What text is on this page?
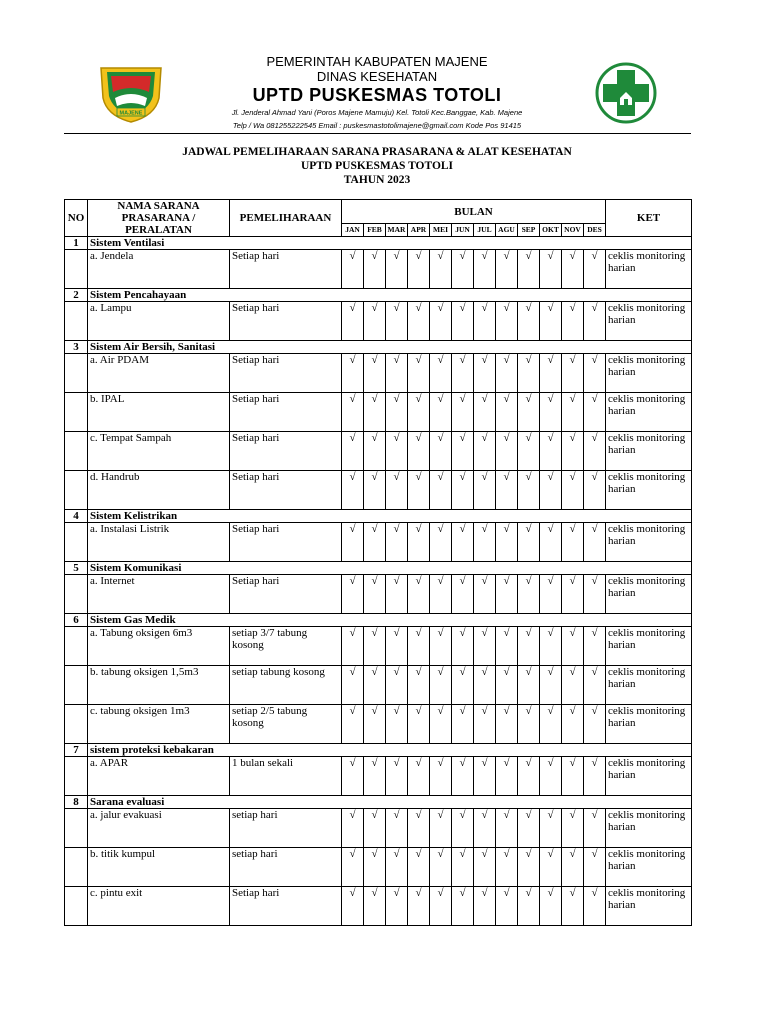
MAJENE
PEMERINTAH KABUPATEN MAJENE
DINAS KESEHATAN
UPTD PUSKESMAS TOTOLI
Jl. Jenderal Ahmad Yani (Poros Majene Mamuju) Kel. Totoli Kec.Banggae, Kab. Majene
Telp / Wa 081255222545 Email : puskesmastotolimajene@gmail.com Kode Pos 91415
JADWAL PEMELIHARAAN SARANA PRASARANA & ALAT KESEHATAN
UPTD PUSKESMAS TOTOLI
TAHUN 2023
NO	NAMA SARANA PRASARANA / PERALATAN	PEMELIHARAAN	BULAN												KET
			JAN	FEB	MAR	APR	MEI	JUN	JUL	AGU	SEP	OKT	NOV	DES	
1	Sistem Ventilasi														
	a. Jendela	Setiap hari	√	√	√	√	√	√	√	√	√	√	√	√	ceklis monitoring harian
2	Sistem Pencahayaan														
	a. Lampu	Setiap hari	√	√	√	√	√	√	√	√	√	√	√	√	ceklis monitoring harian
3	Sistem Air Bersih, Sanitasi														
	a. Air PDAM	Setiap hari	√	√	√	√	√	√	√	√	√	√	√	√	ceklis monitoring harian
	b. IPAL	Setiap hari	√	√	√	√	√	√	√	√	√	√	√	√	ceklis monitoring harian
	c. Tempat Sampah	Setiap hari	√	√	√	√	√	√	√	√	√	√	√	√	ceklis monitoring harian
	d. Handrub	Setiap hari	√	√	√	√	√	√	√	√	√	√	√	√	ceklis monitoring harian
4	Sistem Kelistrikan														
	a. Instalasi Listrik	Setiap hari	√	√	√	√	√	√	√	√	√	√	√	√	ceklis monitoring harian
5	Sistem Komunikasi														
	a. Internet	Setiap hari	√	√	√	√	√	√	√	√	√	√	√	√	ceklis monitoring harian
6	Sistem Gas Medik														
	a. Tabung oksigen 6m3	setiap 3/7 tabung kosong	√	√	√	√	√	√	√	√	√	√	√	√	ceklis monitoring harian
	b. tabung oksigen 1,5m3	setiap tabung kosong	√	√	√	√	√	√	√	√	√	√	√	√	ceklis monitoring harian
	c. tabung oksigen 1m3	setiap 2/5 tabung kosong	√	√	√	√	√	√	√	√	√	√	√	√	ceklis monitoring harian
7	sistem proteksi kebakaran														
	a. APAR	1 bulan sekali	√	√	√	√	√	√	√	√	√	√	√	√	ceklis monitoring harian
8	Sarana evaluasi														
	a. jalur evakuasi	setiap hari	√	√	√	√	√	√	√	√	√	√	√	√	ceklis monitoring harian
	b. titik kumpul	setiap hari	√	√	√	√	√	√	√	√	√	√	√	√	ceklis monitoring harian
	c. pintu exit	Setiap hari	√	√	√	√	√	√	√	√	√	√	√	√	ceklis monitoring harian
